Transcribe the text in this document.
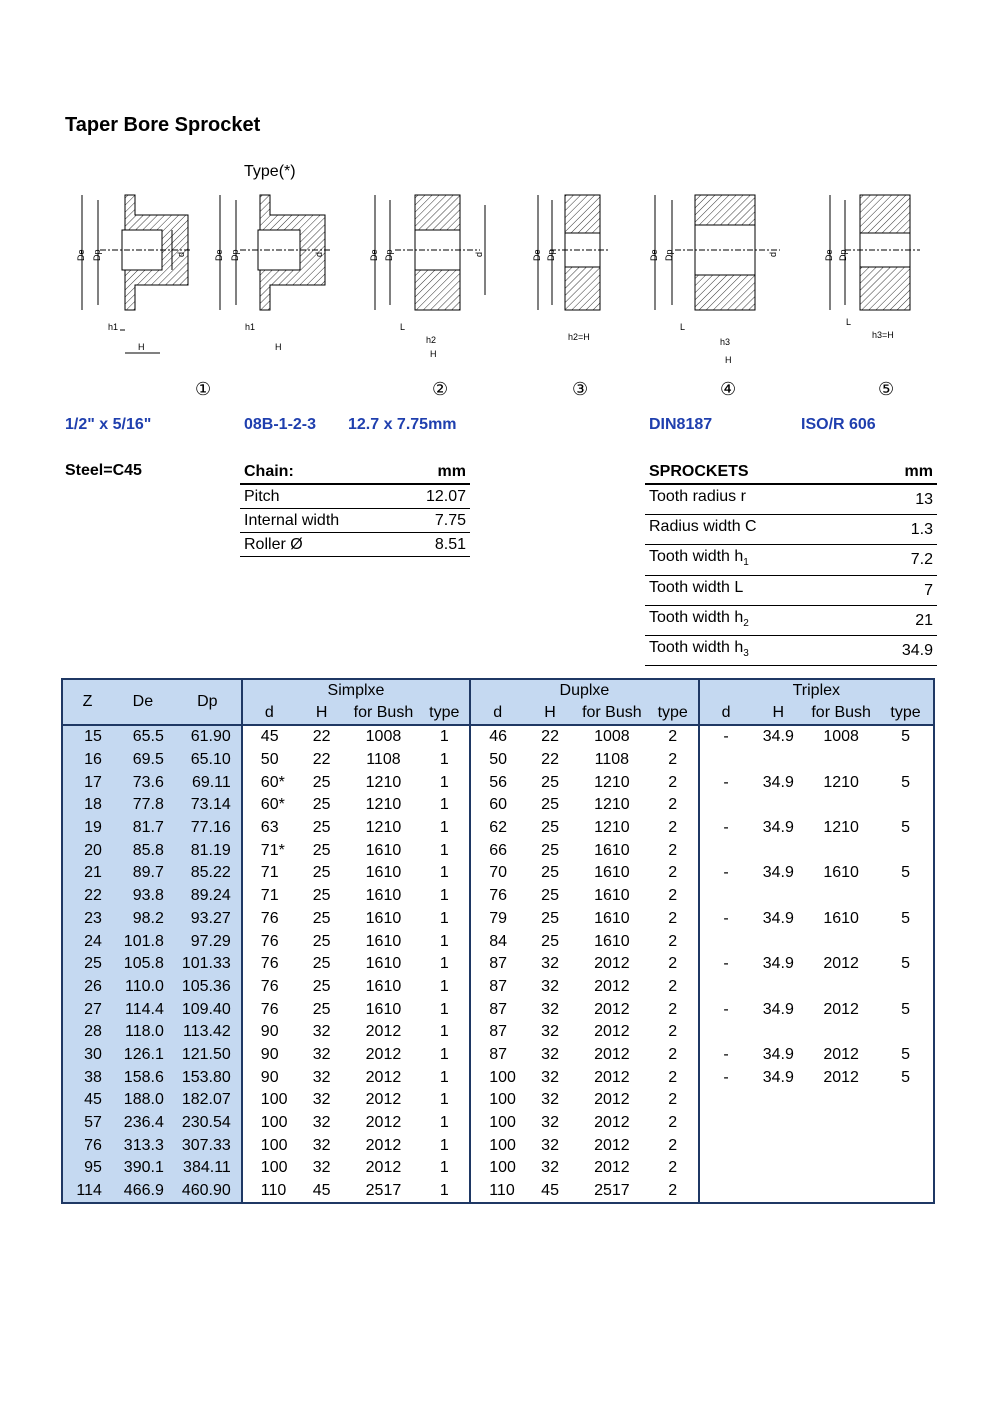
Taper Bore Sprocket
Type(*)
De Dp	d
h1
H
De Dp	d
h1
H
De Dp	d
L
h2
H
De Dp
h2=H
De Dp	d
L
h3
H
De Dp
L
h3=H
①	②	③	④	⑤
1/2" x 5/16"	08B-1-2-3 12.7 x 7.75mm	DIN8187	ISO/R 606
Steel=C45	Chain:	mm
Pitch	12.07
Internal width	7.75
Roller Ø	8.51
SPROCKETS	mm
Tooth radius r	13
Radius width C	1.3
Tooth width $h_1$	7.2
Tooth width L	7
Tooth width $h_2$	21
Tooth width $h_3$	34.9
Z	De	Dp	Simplxe				Duplxe				Triplex			
			d	H	for Bush	type	d	H	for Bush	type	d	H	for Bush	type
15	65.5	61.90	45	22	1008	1	46	22	1008	2	-	34.9	1008	5
16	69.5	65.10	50	22	1108	1	50	22	1108	2				
17	73.6	69.11	60*	25	1210	1	56	25	1210	2	-	34.9	1210	5
18	77.8	73.14	60*	25	1210	1	60	25	1210	2				
19	81.7	77.16	63	25	1210	1	62	25	1210	2	-	34.9	1210	5
20	85.8	81.19	71*	25	1610	1	66	25	1610	2				
21	89.7	85.22	71	25	1610	1	70	25	1610	2	-	34.9	1610	5
22	93.8	89.24	71	25	1610	1	76	25	1610	2				
23	98.2	93.27	76	25	1610	1	79	25	1610	2	-	34.9	1610	5
24	101.8	97.29	76	25	1610	1	84	25	1610	2				
25	105.8	101.33	76	25	1610	1	87	32	2012	2	-	34.9	2012	5
26	110.0	105.36	76	25	1610	1	87	32	2012	2				
27	114.4	109.40	76	25	1610	1	87	32	2012	2	-	34.9	2012	5
28	118.0	113.42	90	32	2012	1	87	32	2012	2				
30	126.1	121.50	90	32	2012	1	87	32	2012	2	-	34.9	2012	5
38	158.6	153.80	90	32	2012	1	100	32	2012	2	-	34.9	2012	5
45	188.0	182.07	100	32	2012	1	100	32	2012	2				
57	236.4	230.54	100	32	2012	1	100	32	2012	2				
76	313.3	307.33	100	32	2012	1	100	32	2012	2				
95	390.1	384.11	100	32	2012	1	100	32	2012	2				
114	466.9	460.90	110	45	2517	1	110	45	2517	2				
